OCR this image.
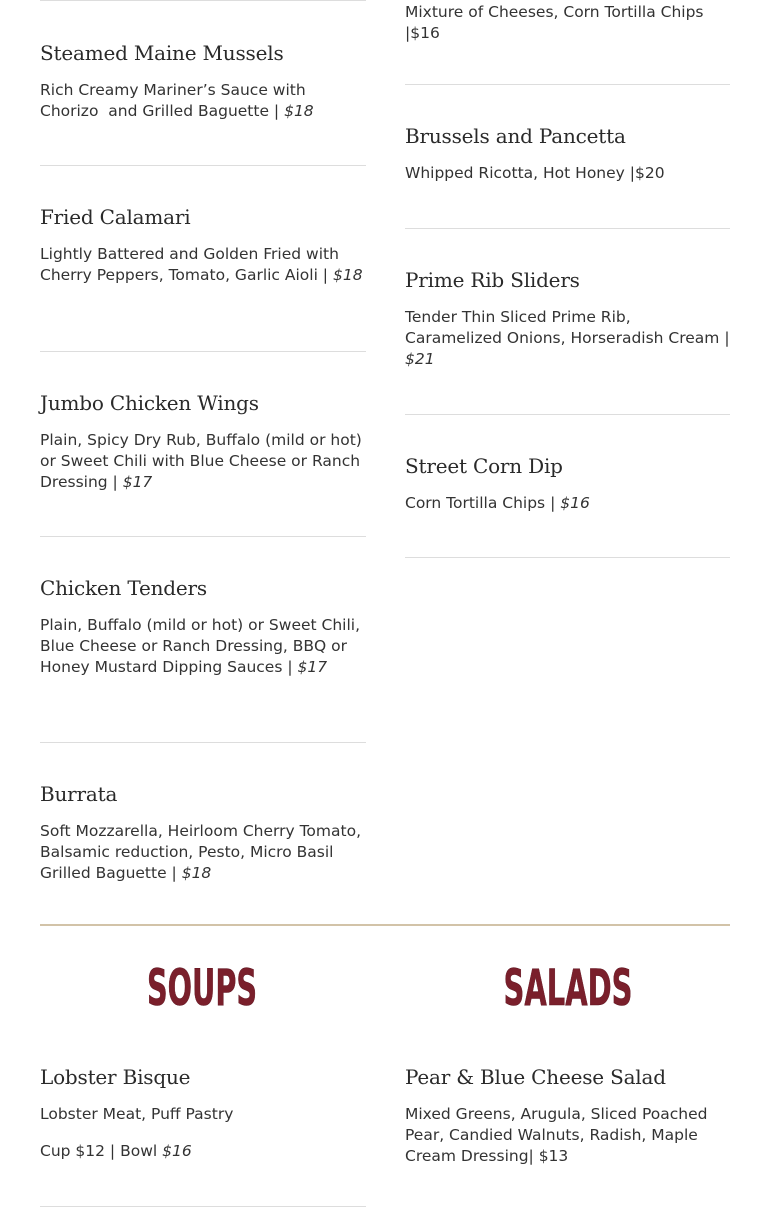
Steamed Maine Mussels

Rich Creamy Mariner’s Sauce with Chorizo  and Grilled Baguette | $18

Fried Calamari

Lightly Battered and Golden Fried with Cherry Peppers, Tomato, Garlic Aioli | $18

Jumbo Chicken Wings

Plain, Spicy Dry Rub, Buffalo (mild or hot) or Sweet Chili with Blue Cheese or Ranch Dressing | $17

Chicken Tenders

Plain, Buffalo (mild or hot) or Sweet Chili, Blue Cheese or Ranch Dressing, BBQ or Honey Mustard Dipping Sauces | $17

Burrata

Soft Mozzarella, Heirloom Cherry Tomato, Balsamic reduction, Pesto, Micro Basil Grilled Baguette | $18

Mixture of Cheeses, Corn Tortilla Chips |$16

Brussels and Pancetta

Whipped Ricotta, Hot Honey |$20

Prime Rib Sliders

Tender Thin Sliced Prime Rib, Caramelized Onions, Horseradish Cream | $21

Street Corn Dip

Corn Tortilla Chips | $16

SOUPS	SALADS
Lobster Bisque

Lobster Meat, Puff Pastry

Cup $12 | Bowl $16

Pear & Blue Cheese Salad

Mixed Greens, Arugula, Sliced Poached Pear, Candied Walnuts, Radish, Maple Cream Dressing| $13
